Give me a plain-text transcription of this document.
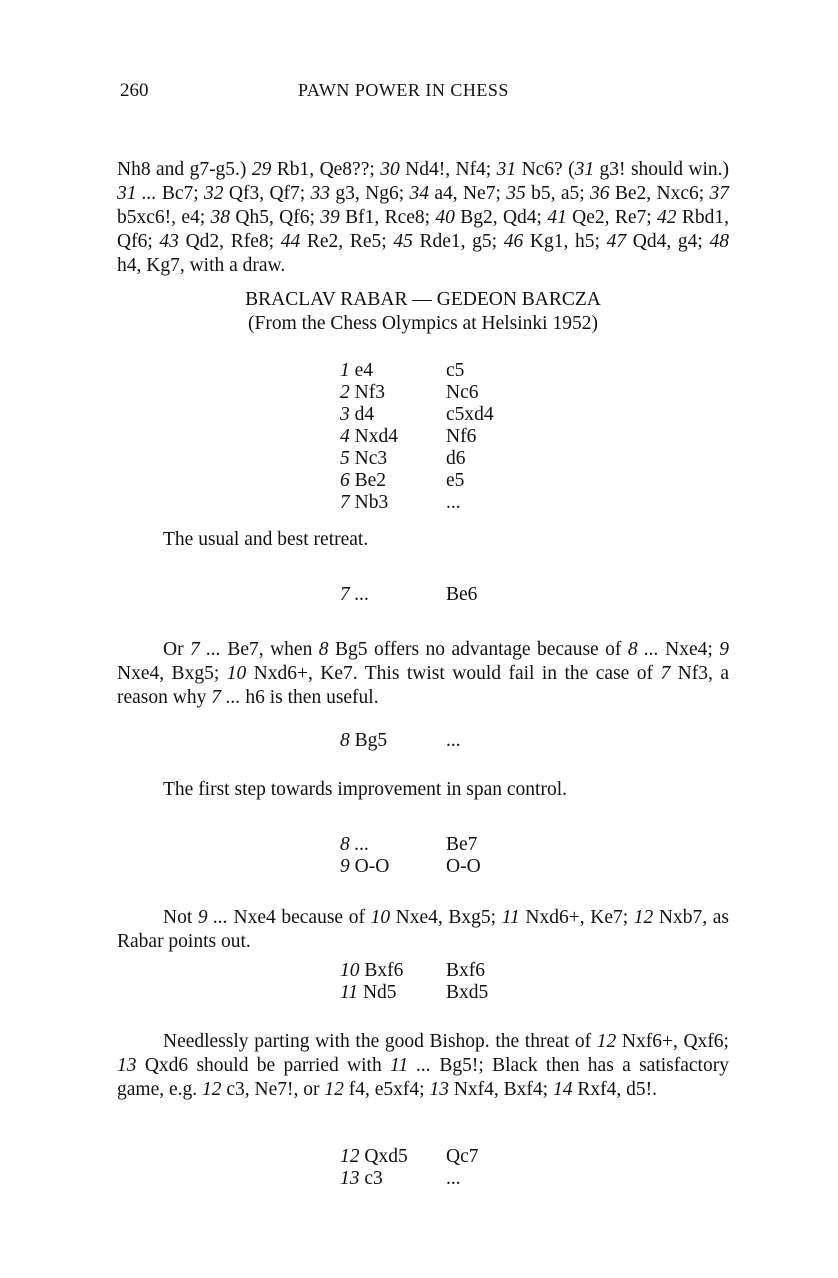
260	PAWN POWER IN CHESS

Nh8 and g7-g5.) 29 Rb1, Qe8??; 30 Nd4!, Nf4; 31 Nc6? (31 g3! should win.) 31 ... Bc7; 32 Qf3, Qf7; 33 g3, Ng6; 34 a4, Ne7; 35 b5, a5; 36 Be2, Nxc6; 37 b5xc6!, e4; 38 Qh5, Qf6; 39 Bf1, Rce8; 40 Bg2, Qd4; 41 Qe2, Re7; 42 Rbd1, Qf6; 43 Qd2, Rfe8; 44 Re2, Re5; 45 Rde1, g5; 46 Kg1, h5; 47 Qd4, g4; 48 h4, Kg7, with a draw.

BRACLAV RABAR — GEDEON BARCZA
(From the Chess Olympics at Helsinki 1952)
1 e4	c5
2 Nf3	Nc6
3 d4	c5xd4
4 Nxd4	Nf6
5 Nc3	d6
6 Be2	e5
7 Nb3	...

The usual and best retreat.

7 ...	Be6

Or 7 ... Be7, when 8 Bg5 offers no advantage because of 8 ... Nxe4; 9 Nxe4, Bxg5; 10 Nxd6+, Ke7. This twist would fail in the case of 7 Nf3, a reason why 7 ... h6 is then useful.

8 Bg5	...

The first step towards improvement in span control.

8 ...	Be7
9 O-O	O-O

Not 9 ... Nxe4 because of 10 Nxe4, Bxg5; 11 Nxd6+, Ke7; 12 Nxb7, as Rabar points out.

10 Bxf6	Bxf6
11 Nd5	Bxd5

Needlessly parting with the good Bishop. the threat of 12 Nxf6+, Qxf6; 13 Qxd6 should be parried with 11 ... Bg5!; Black then has a satisfactory game, e.g. 12 c3, Ne7!, or 12 f4, e5xf4; 13 Nxf4, Bxf4; 14 Rxf4, d5!.

12 Qxd5	Qc7
13 c3	...
